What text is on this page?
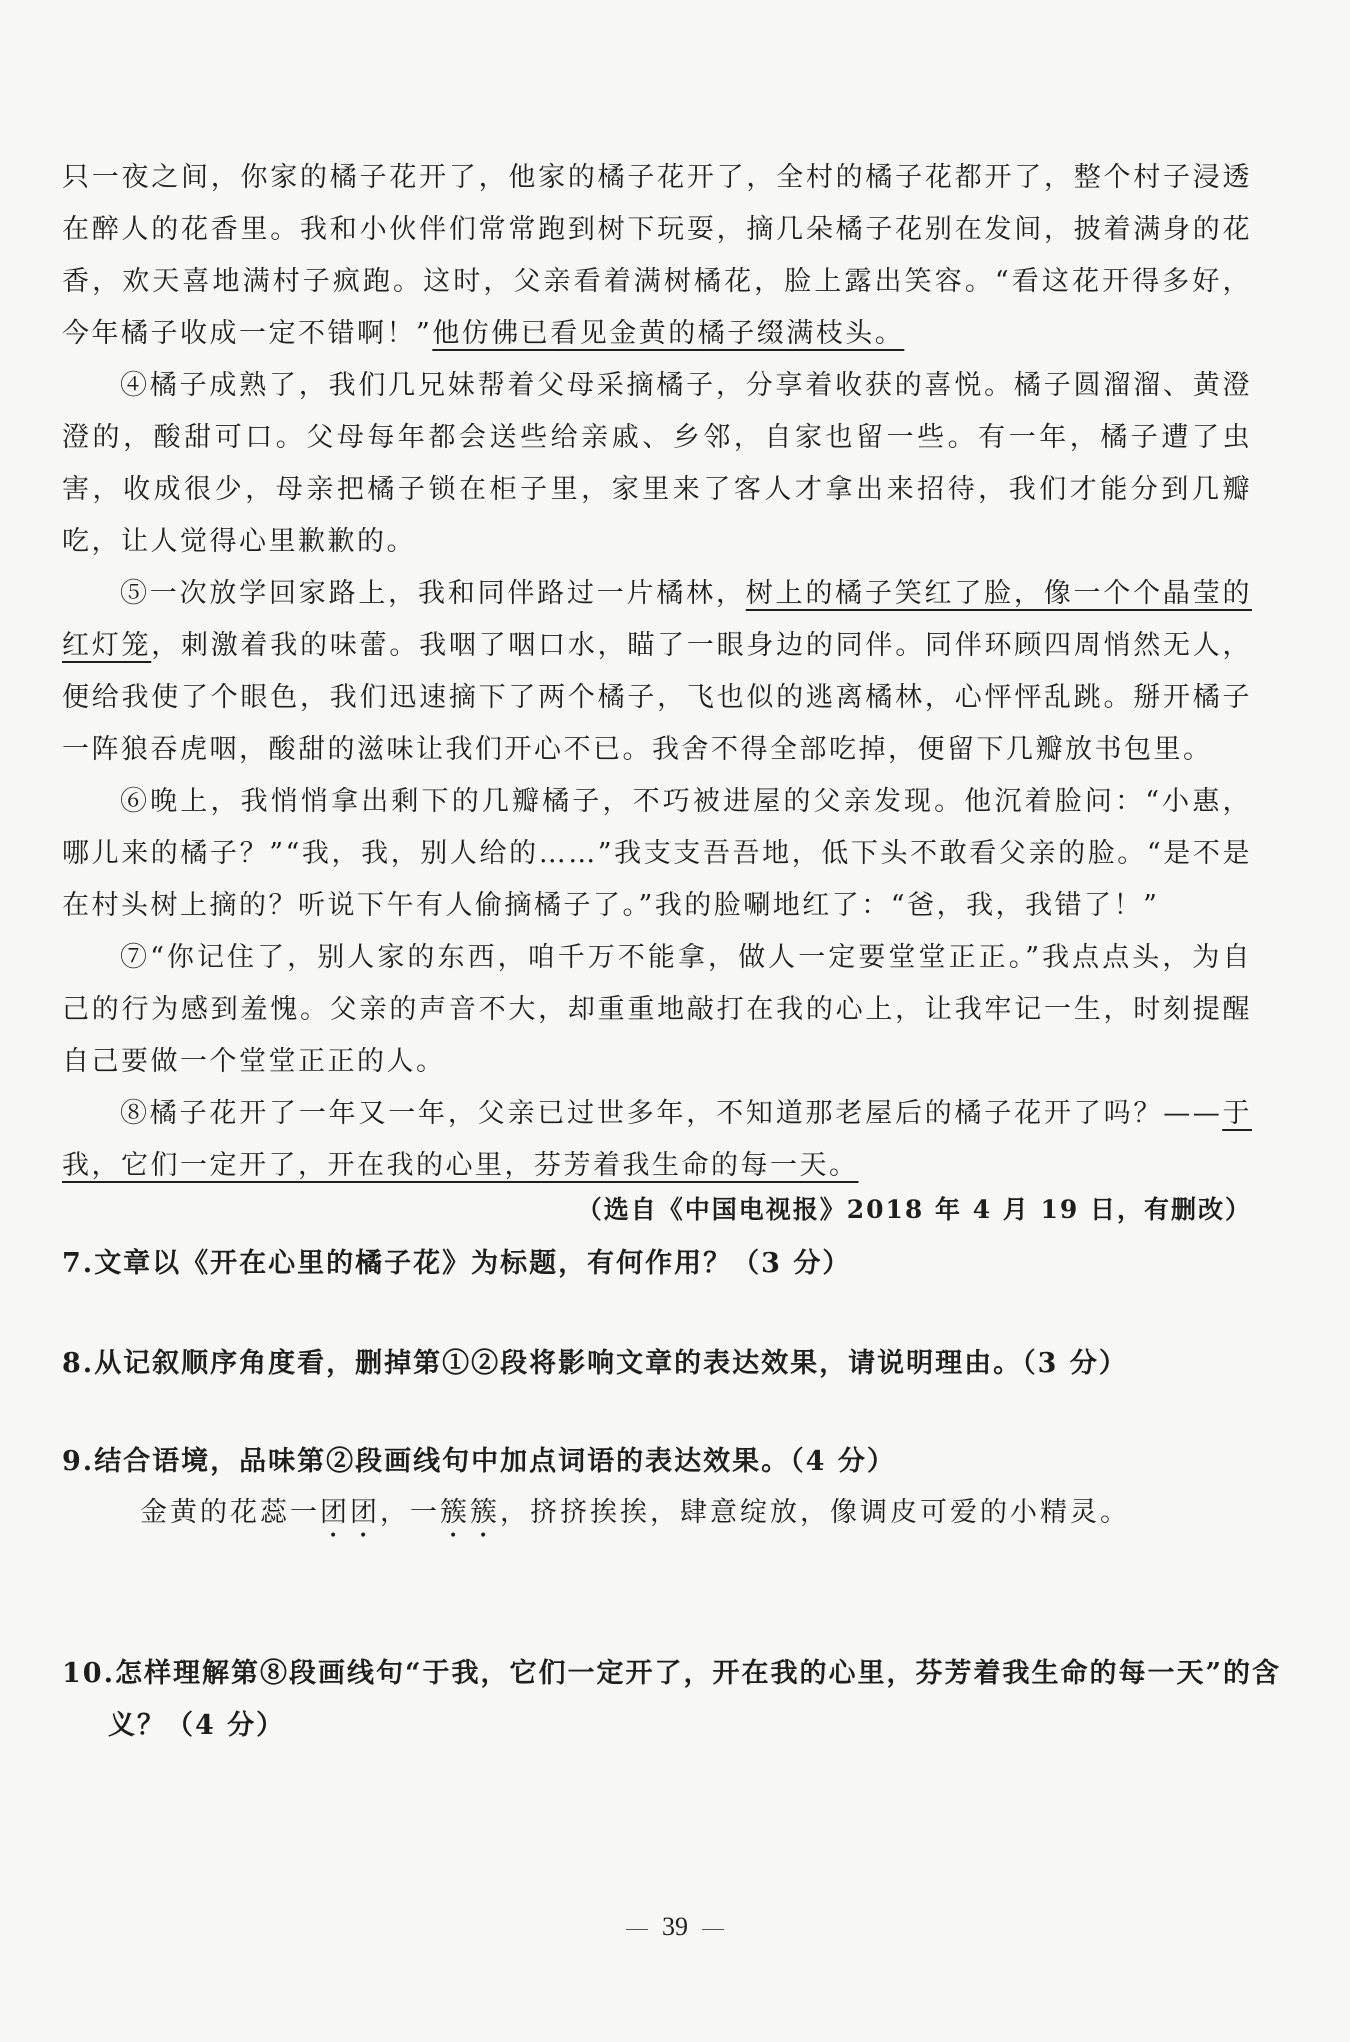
只一夜之间，你家的橘子花开了，他家的橘子花开了，全村的橘子花都开了，整个村子浸透在醉人的花香里。我和小伙伴们常常跑到树下玩耍，摘几朵橘子花别在发间，披着满身的花香，欢天喜地满村子疯跑。这时，父亲看着满树橘花，脸上露出笑容。“看这花开得多好，今年橘子收成一定不错啊！”他仿佛已看见金黄的橘子缀满枝头。

④橘子成熟了，我们几兄妹帮着父母采摘橘子，分享着收获的喜悦。橘子圆溜溜、黄澄澄的，酸甜可口。父母每年都会送些给亲戚、乡邻，自家也留一些。有一年，橘子遭了虫害，收成很少，母亲把橘子锁在柜子里，家里来了客人才拿出来招待，我们才能分到几瓣吃，让人觉得心里歉歉的。

⑤一次放学回家路上，我和同伴路过一片橘林，树上的橘子笑红了脸，像一个个晶莹的红灯笼，刺激着我的味蕾。我咽了咽口水，瞄了一眼身边的同伴。同伴环顾四周悄然无人，便给我使了个眼色，我们迅速摘下了两个橘子，飞也似的逃离橘林，心怦怦乱跳。掰开橘子一阵狼吞虎咽，酸甜的滋味让我们开心不已。我舍不得全部吃掉，便留下几瓣放书包里。

⑥晚上，我悄悄拿出剩下的几瓣橘子，不巧被进屋的父亲发现。他沉着脸问：“小惠，哪儿来的橘子？”“我，我，别人给的……”我支支吾吾地，低下头不敢看父亲的脸。“是不是在村头树上摘的？听说下午有人偷摘橘子了。”我的脸唰地红了：“爸，我，我错了！”

⑦“你记住了，别人家的东西，咱千万不能拿，做人一定要堂堂正正。”我点点头，为自己的行为感到羞愧。父亲的声音不大，却重重地敲打在我的心上，让我牢记一生，时刻提醒自己要做一个堂堂正正的人。

⑧橘子花开了一年又一年，父亲已过世多年，不知道那老屋后的橘子花开了吗？——于我，它们一定开了，开在我的心里，芬芳着我生命的每一天。

（选自《中国电视报》2018 年 4 月 19 日，有删改）
7.文章以《开在心里的橘子花》为标题，有何作用？（3 分）
8.从记叙顺序角度看，删掉第①②段将影响文章的表达效果，请说明理由。（3 分）
9.结合语境，品味第②段画线句中加点词语的表达效果。（4 分）
金黄的花蕊一团团，一簇簇，挤挤挨挨，肆意绽放，像调皮可爱的小精灵。
10.怎样理解第⑧段画线句“于我，它们一定开了，开在我的心里，芬芳着我生命的每一天”的含义？（4 分）
39
